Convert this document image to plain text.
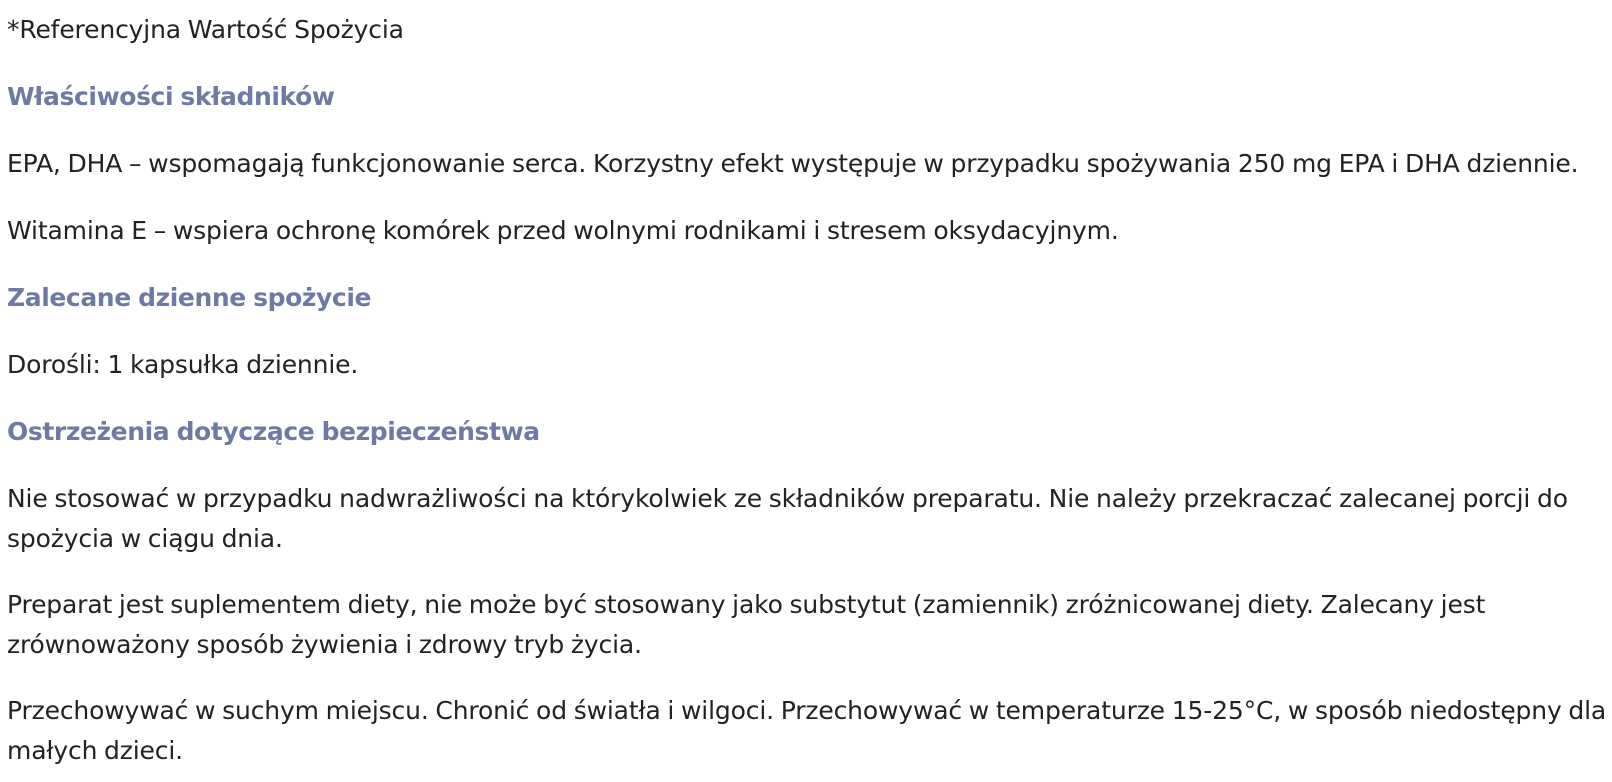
*Referencyjna Wartość Spożycia

Właściwości składników

EPA, DHA – wspomagają funkcjonowanie serca. Korzystny efekt występuje w przypadku spożywania 250 mg EPA i DHA dziennie.

Witamina E – wspiera ochronę komórek przed wolnymi rodnikami i stresem oksydacyjnym.

Zalecane dzienne spożycie

Dorośli: 1 kapsułka dziennie.

Ostrzeżenia dotyczące bezpieczeństwa

Nie stosować w przypadku nadwrażliwości na którykolwiek ze składników preparatu. Nie należy przekraczać zalecanej porcji do spożycia w ciągu dnia.

Preparat jest suplementem diety, nie może być stosowany jako substytut (zamiennik) zróżnicowanej diety. Zalecany jest zrównoważony sposób żywienia i zdrowy tryb życia.

Przechowywać w suchym miejscu. Chronić od światła i wilgoci. Przechowywać w temperaturze 15-25°C, w sposób niedostępny dla małych dzieci.
